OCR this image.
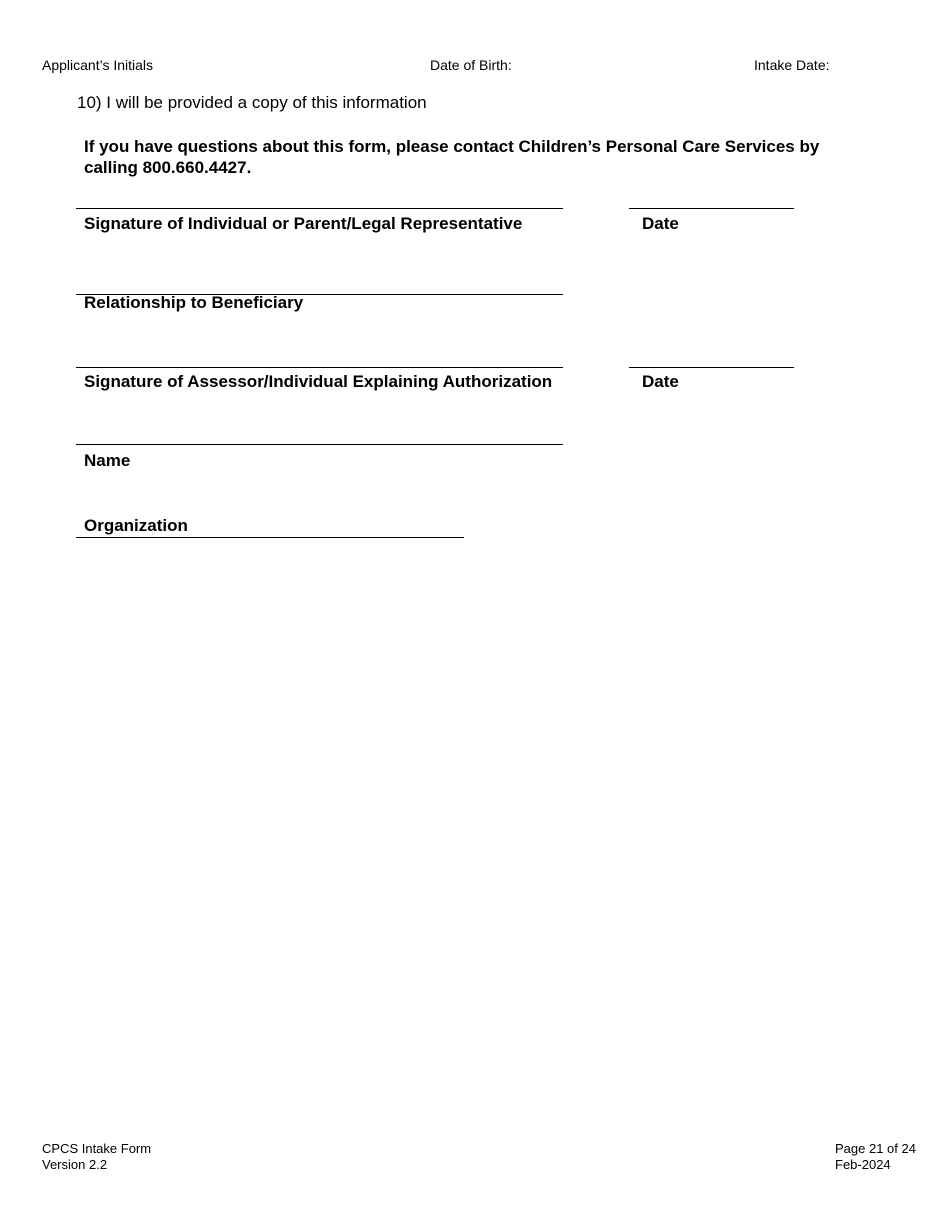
Applicant’s Initials	Date of Birth:	Intake Date:
10) I will be provided a copy of this information
If you have questions about this form, please contact Children’s Personal Care Services by calling 800.660.4427.
Signature of Individual or Parent/Legal Representative	Date
Relationship to Beneficiary
Signature of Assessor/Individual Explaining Authorization	Date
Name
Organization
CPCS Intake Form
Version 2.2
Page 21 of 24
Feb-2024
